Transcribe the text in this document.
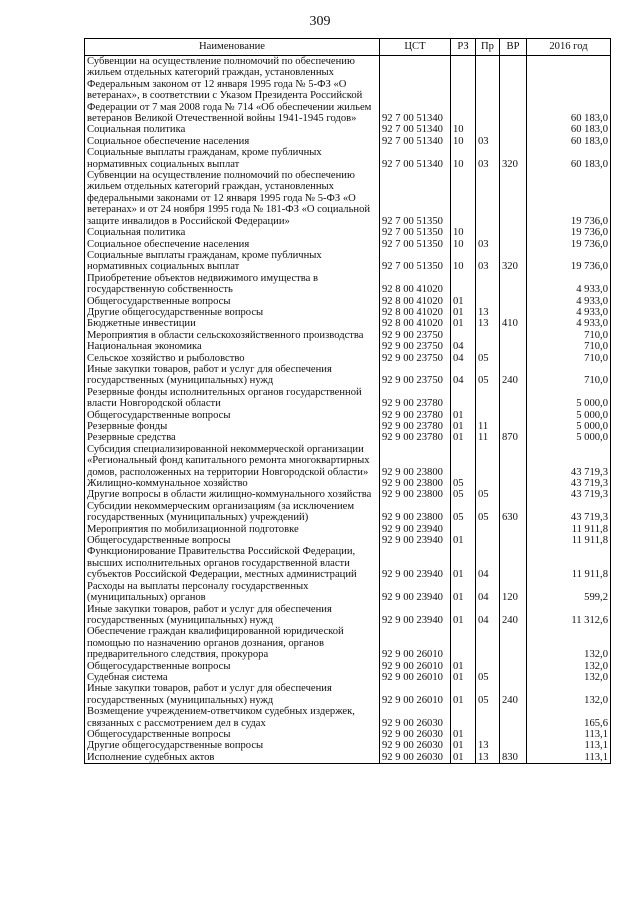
309
Наименование	ЦСТ	РЗ	Пр	ВР	2016 год
Субвенции на осуществление полномочий по обеспечению жильем отдельных категорий граждан, установленных Федеральным законом от 12 января 1995 года № 5-ФЗ «О ветеранах», в соответствии с Указом Президента Российской Федерации от 7 мая 2008 года № 714 «Об обеспечении жильем ветеранов Великой Отечественной войны 1941-1945 годов»	92 7 00 51340				60 183,0
Социальная политика	92 7 00 51340	10			60 183,0
Социальное обеспечение населения	92 7 00 51340	10	03		60 183,0
Социальные выплаты гражданам, кроме публичных нормативных социальных выплат	92 7 00 51340	10	03	320	60 183,0
Субвенции на осуществление полномочий по обеспечению жильем отдельных категорий граждан, установленных федеральными законами от 12 января 1995 года № 5-ФЗ «О ветеранах» и от 24 ноября 1995 года № 181-ФЗ «О социальной защите инвалидов в Российской Федерации»	92 7 00 51350				19 736,0
Социальная политика	92 7 00 51350	10			19 736,0
Социальное обеспечение населения	92 7 00 51350	10	03		19 736,0
Социальные выплаты гражданам, кроме публичных нормативных социальных выплат	92 7 00 51350	10	03	320	19 736,0
Приобретение объектов недвижимого имущества в государственную собственность	92 8 00 41020				4 933,0
Общегосударственные вопросы	92 8 00 41020	01			4 933,0
Другие общегосударственные вопросы	92 8 00 41020	01	13		4 933,0
Бюджетные инвестиции	92 8 00 41020	01	13	410	4 933,0
Мероприятия в области сельскохозяйственного производства	92 9 00 23750				710,0
Национальная экономика	92 9 00 23750	04			710,0
Сельское хозяйство и рыболовство	92 9 00 23750	04	05		710,0
Иные закупки товаров, работ и услуг для обеспечения государственных (муниципальных) нужд	92 9 00 23750	04	05	240	710,0
Резервные фонды исполнительных органов государственной власти Новгородской области	92 9 00 23780				5 000,0
Общегосударственные вопросы	92 9 00 23780	01			5 000,0
Резервные фонды	92 9 00 23780	01	11		5 000,0
Резервные средства	92 9 00 23780	01	11	870	5 000,0
Субсидия специализированной некоммерческой организации «Региональный фонд капитального ремонта многоквартирных домов, расположенных на территории Новгородской области»	92 9 00 23800				43 719,3
Жилищно-коммунальное хозяйство	92 9 00 23800	05			43 719,3
Другие вопросы в области жилищно-коммунального хозяйства	92 9 00 23800	05	05		43 719,3
Субсидии некоммерческим организациям (за исключением государственных (муниципальных) учреждений)	92 9 00 23800	05	05	630	43 719,3
Мероприятия по мобилизационной подготовке	92 9 00 23940				11 911,8
Общегосударственные вопросы	92 9 00 23940	01			11 911,8
Функционирование Правительства Российской Федерации, высших исполнительных органов государственной власти субъектов Российской Федерации, местных администраций	92 9 00 23940	01	04		11 911,8
Расходы на выплаты персоналу государственных (муниципальных) органов	92 9 00 23940	01	04	120	599,2
Иные закупки товаров, работ и услуг для обеспечения государственных (муниципальных) нужд	92 9 00 23940	01	04	240	11 312,6
Обеспечение граждан квалифицированной юридической помощью по назначению органов дознания, органов предварительного следствия, прокурора	92 9 00 26010				132,0
Общегосударственные вопросы	92 9 00 26010	01			132,0
Судебная система	92 9 00 26010	01	05		132,0
Иные закупки товаров, работ и услуг для обеспечения государственных (муниципальных) нужд	92 9 00 26010	01	05	240	132,0
Возмещение учреждением-ответчиком судебных издержек, связанных с рассмотрением дел в судах	92 9 00 26030				165,6
Общегосударственные вопросы	92 9 00 26030	01			113,1
Другие общегосударственные вопросы	92 9 00 26030	01	13		113,1
Исполнение судебных актов	92 9 00 26030	01	13	830	113,1
